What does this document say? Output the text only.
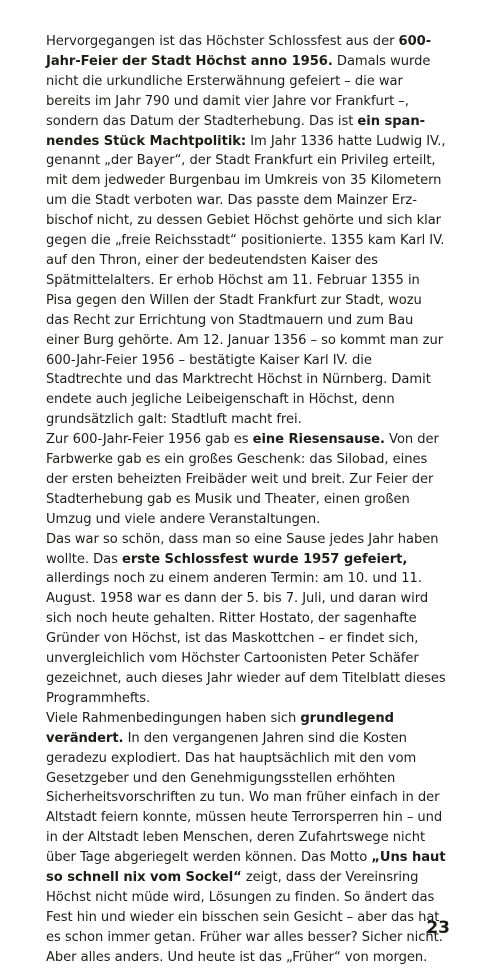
Hervorgegangen ist das Höchster Schlossfest aus der 600-Jahr-Feier der Stadt Höchst anno 1956. Damals wurde nicht die urkundliche Ersterwähnung gefeiert – die war bereits im Jahr 790 und damit vier Jahre vor Frankfurt –, sondern das Datum der Stadterhebung. Das ist ein spannendes Stück Machtpolitik: Im Jahr 1336 hatte Ludwig IV., genannt „der Bayer“, der Stadt Frankfurt ein Privileg erteilt, mit dem jedweder Burgenbau im Umkreis von 35 Kilometern um die Stadt verboten war. Das passte dem Mainzer Erzbischof nicht, zu dessen Gebiet Höchst gehörte und sich klar gegen die „freie Reichsstadt“ positionierte. 1355 kam Karl IV. auf den Thron, einer der bedeutendsten Kaiser des Spätmittelalters. Er erhob Höchst am 11. Februar 1355 in Pisa gegen den Willen der Stadt Frankfurt zur Stadt, wozu das Recht zur Errichtung von Stadtmauern und zum Bau einer Burg gehörte. Am 12. Januar 1356 – so kommt man zur 600-Jahr-Feier 1956 – bestätigte Kaiser Karl IV. die Stadtrechte und das Marktrecht Höchst in Nürnberg. Damit endete auch jegliche Leibeigenschaft in Höchst, denn grundsätzlich galt: Stadtluft macht frei.

Zur 600-Jahr-Feier 1956 gab es eine Riesensause. Von der Farbwerke gab es ein großes Geschenk: das Silobad, eines der ersten beheizten Freibäder weit und breit. Zur Feier der Stadterhebung gab es Musik und Theater, einen großen Umzug und viele andere Veranstaltungen.

Das war so schön, dass man so eine Sause jedes Jahr haben wollte. Das erste Schlossfest wurde 1957 gefeiert, allerdings noch zu einem anderen Termin: am 10. und 11. August. 1958 war es dann der 5. bis 7. Juli, und daran wird sich noch heute gehalten. Ritter Hostato, der sagenhafte Gründer von Höchst, ist das Maskottchen – er findet sich, unvergleichlich vom Höchster Cartoonisten Peter Schäfer gezeichnet, auch dieses Jahr wieder auf dem Titelblatt dieses Programmhefts.

Viele Rahmenbedingungen haben sich grundlegend verändert. In den vergangenen Jahren sind die Kosten geradezu explodiert. Das hat hauptsächlich mit den vom Gesetzgeber und den Genehmigungsstellen erhöhten Sicherheitsvorschriften zu tun. Wo man früher einfach in der Altstadt feiern konnte, müssen heute Terrorsperren hin – und in der Altstadt leben Menschen, deren Zufahrtswege nicht über Tage abgeriegelt werden können. Das Motto „Uns haut so schnell nix vom Sockel“ zeigt, dass der Vereinsring Höchst nicht müde wird, Lösungen zu finden. So ändert das Fest hin und wieder ein bisschen sein Gesicht – aber das hat es schon immer getan. Früher war alles besser? Sicher nicht. Aber alles anders. Und heute ist das „Früher“ von morgen.

23
